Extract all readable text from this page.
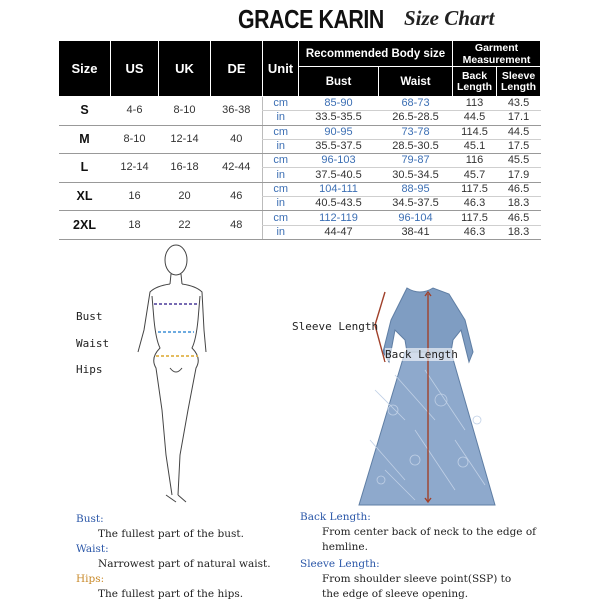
GRACE KARIN Size Chart
Size	US	UK	DE	Unit	Recommended Body size		Garment Measurement	
					Bust	Waist	Back Length	Sleeve Length
S	4-6	8-10	36-38	cm	85-90	68-73	113	43.5
				in	33.5-35.5	26.5-28.5	44.5	17.1
M	8-10	12-14	40	cm	90-95	73-78	114.5	44.5
				in	35.5-37.5	28.5-30.5	45.1	17.5
L	12-14	16-18	42-44	cm	96-103	79-87	116	45.5
				in	37.5-40.5	30.5-34.5	45.7	17.9
XL	16	20	46	cm	104-111	88-95	117.5	46.5
				in	40.5-43.5	34.5-37.5	46.3	18.3
2XL	18	22	48	cm	112-119	96-104	117.5	46.5
				in	44-47	38-41	46.3	18.3
Bust
Waist
Hips
Sleeve Length
Back Length
Bust:
The fullest part of the bust.
Waist:
Narrowest part of natural waist.
Hips:
The fullest part of the hips.
Back Length:
From center back of neck to the edge of
hemline.
Sleeve Length:
From shoulder sleeve point(SSP) to
the edge of sleeve opening.
